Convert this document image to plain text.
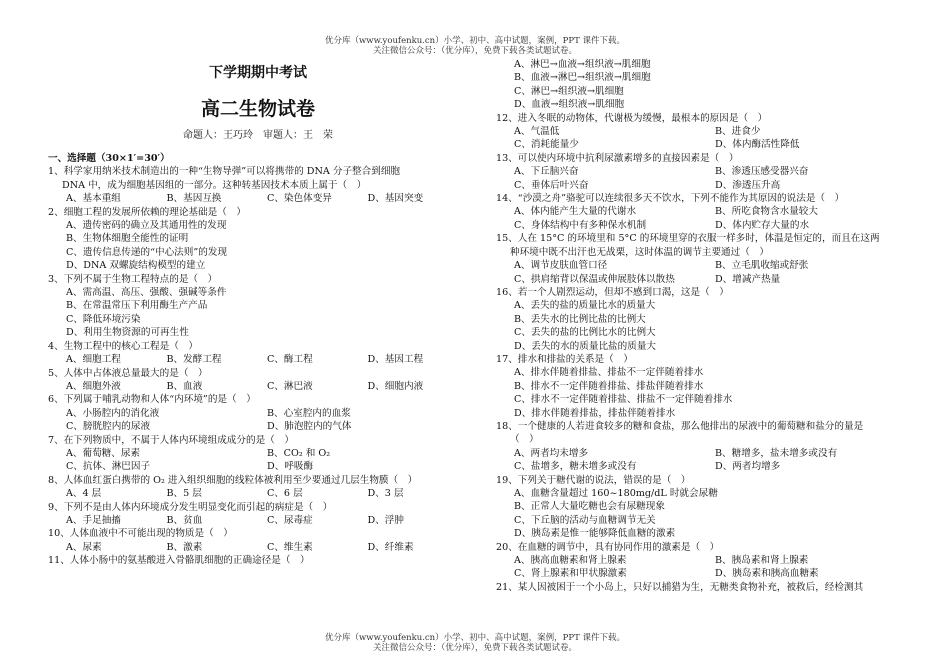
优分库（www.youfenku.cn）小学、初中、高中试题，案例，PPT 课件下载。
关注微信公众号：（优分库），免费下载各类试题试卷。
下学期期中考试
高二生物试卷
命题人：王巧玲　审题人：王　荣
一、选择题（30×1′=30′）
1、科学家用纳米技术制造出的一种“生物导弹”可以将携带的 DNA 分子整合到细胞
DNA 中，成为细胞基因组的一部分。这种转基因技术本质上属于（　）
A、基本重组	B、基因互换	C、染色体变异	D、基因突变
2、细胞工程的发展所依赖的理论基础是（　）
A、遗传密码的确立及其通用性的发现
B、生物体细胞全能性的证明
C、遗传信息传递的“中心法则”的发现
D、DNA 双螺旋结构模型的建立
3、下列不属于生物工程特点的是（　）
A、需高温、高压、强酸、强碱等条件
B、在常温常压下利用酶生产产品
C、降低环境污染
D、利用生物资源的可再生性
4、生物工程中的核心工程是（　）
A、细胞工程	B、发酵工程	C、酶工程	D、基因工程
5、人体中占体液总量最大的是（　）
A、细胞外液	B、血液	C、淋巴液	D、细胞内液
6、下列属于哺乳动物和人体“内环境”的是（　）
A、小肠腔内的消化液	B、心室腔内的血浆
C、膀胱腔内的尿液	D、肺泡腔内的气体
7、在下列物质中，不属于人体内环境组成成分的是（　）
A、葡萄糖、尿素	B、CO₂ 和 O₂
C、抗体、淋巴因子	D、呼吸酶
8、人体血红蛋白携带的 O₂ 进入组织细胞的线粒体被利用至少要通过几层生物膜（　）
A、4 层	B、5 层	C、6 层	D、3 层
9、下列不是由人体内环境成分发生明显变化而引起的病症是（　）
A、手足抽搐	B、贫血	C、尿毒症	D、浮肿
10、人体血液中不可能出现的物质是（　）
A、尿素	B、激素	C、维生素	D、纤维素
11、人体小肠中的氨基酸进入骨骼肌细胞的正确途径是（　）
A、淋巴→血液→组织液→肌细胞
B、血液→淋巴→组织液→肌细胞
C、淋巴→组织液→肌细胞
D、血液→组织液→肌细胞
12、进入冬眠的动物体，代谢极为缓慢，最根本的原因是（　）
A、气温低	B、进食少
C、消耗能量少	D、体内酶活性降低
13、可以使内环境中抗利尿激素增多的直接因素是（　）
A、下丘脑兴奋	B、渗透压感受器兴奋
C、垂体后叶兴奋	D、渗透压升高
14、“沙漠之舟”骆驼可以连续很多天不饮水，下列不能作为其原因的说法是（　）
A、体内能产生大量的代谢水	B、所吃食物含水量较大
C、身体结构中有多种保水机制	D、体内贮存大量的水
15、人在 15°C 的环境里和 5°C 的环境里穿的衣服一样多时，体温是恒定的，而且在这两
种环境中既不出汗也无战栗，这时体温的调节主要通过（　）
A、调节皮肤血管口径	B、立毛肌收缩或舒张
C、拱肩缩背以保温或伸展肢体以散热	D、增减产热量
16、若一个人剧烈运动，但却不感到口渴，这是（　）
A、丢失的盐的质量比水的质量大
B、丢失水的比例比盐的比例大
C、丢失的盐的比例比水的比例大
D、丢失的水的质量比盐的质量大
17、排水和排盐的关系是（　）
A、排水伴随着排盐、排盐不一定伴随着排水
B、排水不一定伴随着排盐、排盐伴随着排水
C、排水不一定伴随着排盐、排盐不一定伴随着排水
D、排水伴随着排盐，排盐伴随着排水
18、一个健康的人若进食较多的糖和食盐，那么他排出的尿液中的葡萄糖和盐分的量是
（　）
A、两者均未增多	B、糖增多，盐未增多或没有
C、盐增多，糖未增多或没有	D、两者均增多
19、下列关于糖代谢的说法，错误的是（　）
A、血糖含量超过 160~180mg/dL 时就会尿糖
B、正常人大量吃糖也会有尿糖现象
C、下丘脑的活动与血糖调节无关
D、胰岛素是惟一能够降低血糖的激素
20、在血糖的调节中，具有协同作用的激素是（　）
A、胰高血糖素和肾上腺素	B、胰岛素和肾上腺素
C、肾上腺素和甲状腺激素	D、胰岛素和胰高血糖素
21、某人因被困于一个小岛上，只好以捕猎为生，无糖类食物补充，被救后，经检测其
优分库（www.youfenku.cn）小学、初中、高中试题，案例，PPT 课件下载。
关注微信公众号：（优分库），免费下载各类试题试卷。
